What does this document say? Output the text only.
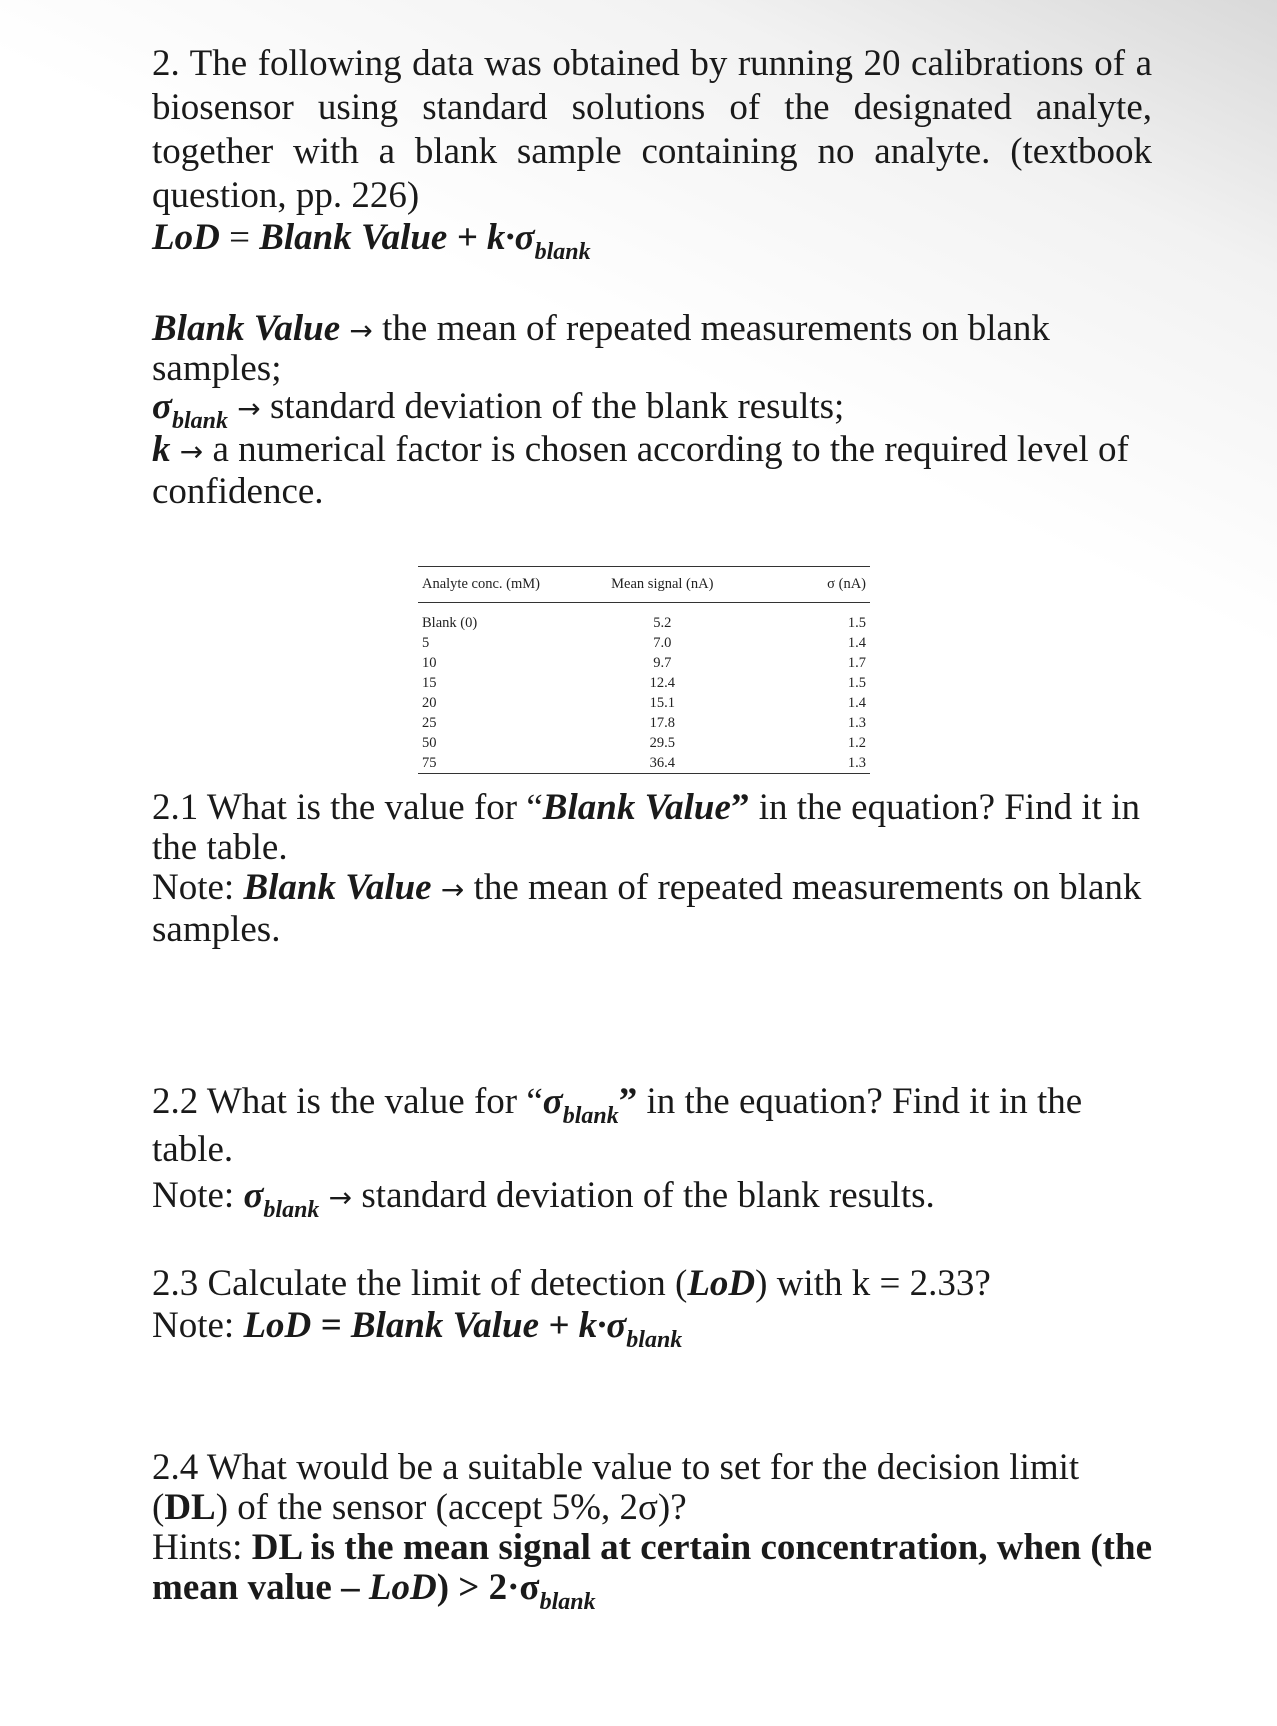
2. The following data was obtained by running 20 calibrations of a biosensor using standard solutions of the designated analyte, together with a blank sample containing no analyte. (textbook question, pp. 226)

LoD = Blank Value + $k\cdot\sigma_{blank}$

Blank Value → the mean of repeated measurements on blank samples;

$\sigma_{blank}$ → standard deviation of the blank results;

k → a numerical factor is chosen according to the required level of confidence.

Analyte conc. (mM)	Mean signal (nA)	σ (nA)
Blank (0)	5.2	1.5
5	7.0	1.4
10	9.7	1.7
15	12.4	1.5
20	15.1	1.4
25	17.8	1.3
50	29.5	1.2
75	36.4	1.3

2.1 What is the value for “Blank Value” in the equation? Find it in the table.

Note: Blank Value → the mean of repeated measurements on blank samples.

2.2 What is the value for “$\sigma_{blank}$” in the equation? Find it in the table.

Note: $\sigma_{blank}$ → standard deviation of the blank results.

2.3 Calculate the limit of detection (LoD) with k = 2.33?

Note: LoD = Blank Value + $k\cdot\sigma_{blank}$

2.4 What would be a suitable value to set for the decision limit (DL) of the sensor (accept 5%, 2σ)?

Hints: DL is the mean signal at certain concentration, when (the mean value – $LoD) > 2\cdot\sigma_{blank}$
